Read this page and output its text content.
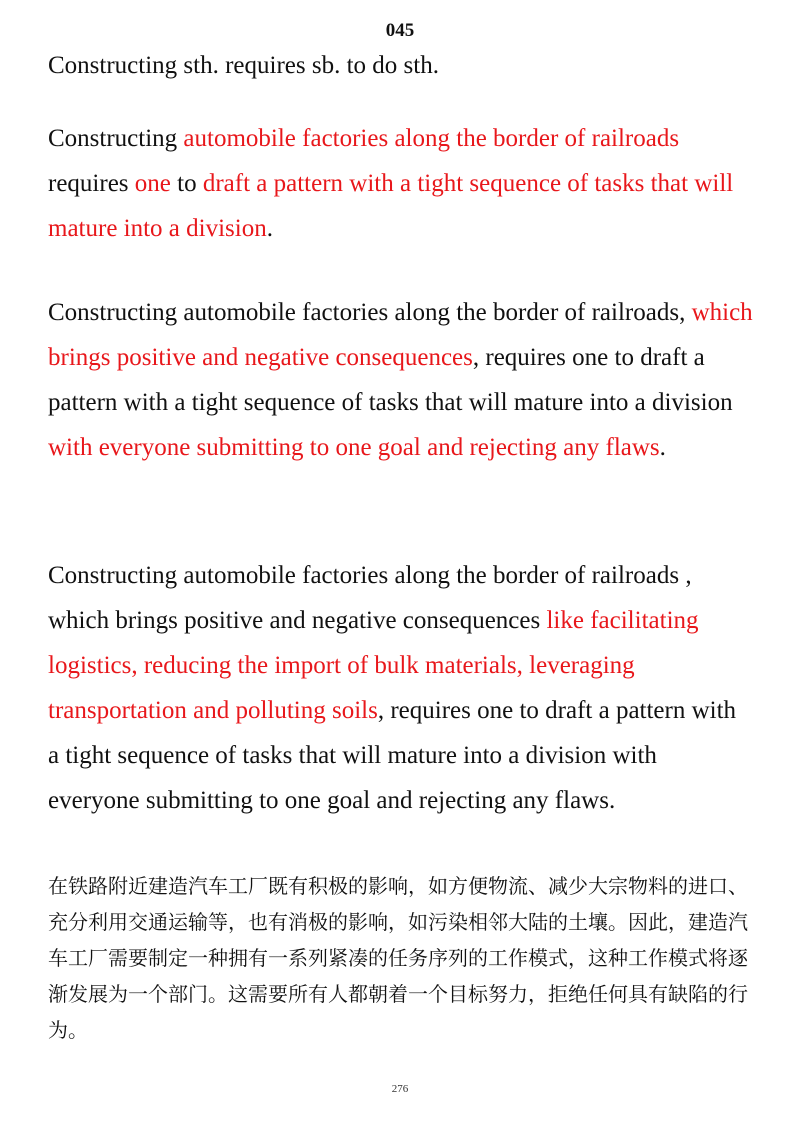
045
Constructing sth. requires sb. to do sth.

Constructing automobile factories along the border of railroads requires one to draft a pattern with a tight sequence of tasks that will mature into a division.

Constructing automobile factories along the border of railroads, which brings positive and negative consequences, requires one to draft a pattern with a tight sequence of tasks that will mature into a division with everyone submitting to one goal and rejecting any flaws.

Constructing automobile factories along the border of railroads , which brings positive and negative consequences like facilitating logistics, reducing the import of bulk materials, leveraging transportation and polluting soils, requires one to draft a pattern with a tight sequence of tasks that will mature into a division with everyone submitting to one goal and rejecting any flaws.

在铁路附近建造汽车工厂既有积极的影响，如方便物流、减少大宗物料的进口、充分利用交通运输等，也有消极的影响，如污染相邻大陆的土壤。因此，建造汽车工厂需要制定一种拥有一系列紧凑的任务序列的工作模式，这种工作模式将逐渐发展为一个部门。这需要所有人都朝着一个目标努力，拒绝任何具有缺陷的行为。

276
